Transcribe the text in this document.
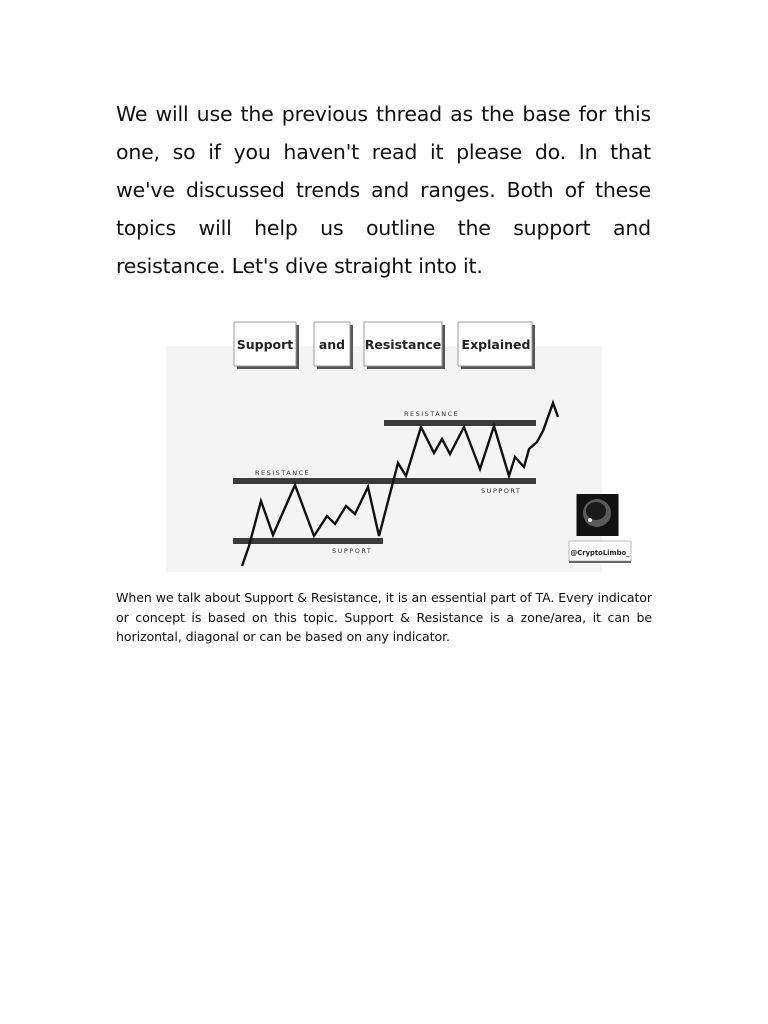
We will use the previous thread as the base for this one, so if you haven't read it please do. In that we've discussed trends and ranges. Both of these topics will help us outline the support and resistance. Let's dive straight into it.

Support and Resistance Explained
RESISTANCE
SUPPORT
RESISTANCE
SUPPORT	@CryptoLimbo_

When we talk about Support & Resistance, it is an essential part of TA. Every indicator or concept is based on this topic. Support & Resistance is a zone/area, it can be horizontal, diagonal or can be based on any indicator.
